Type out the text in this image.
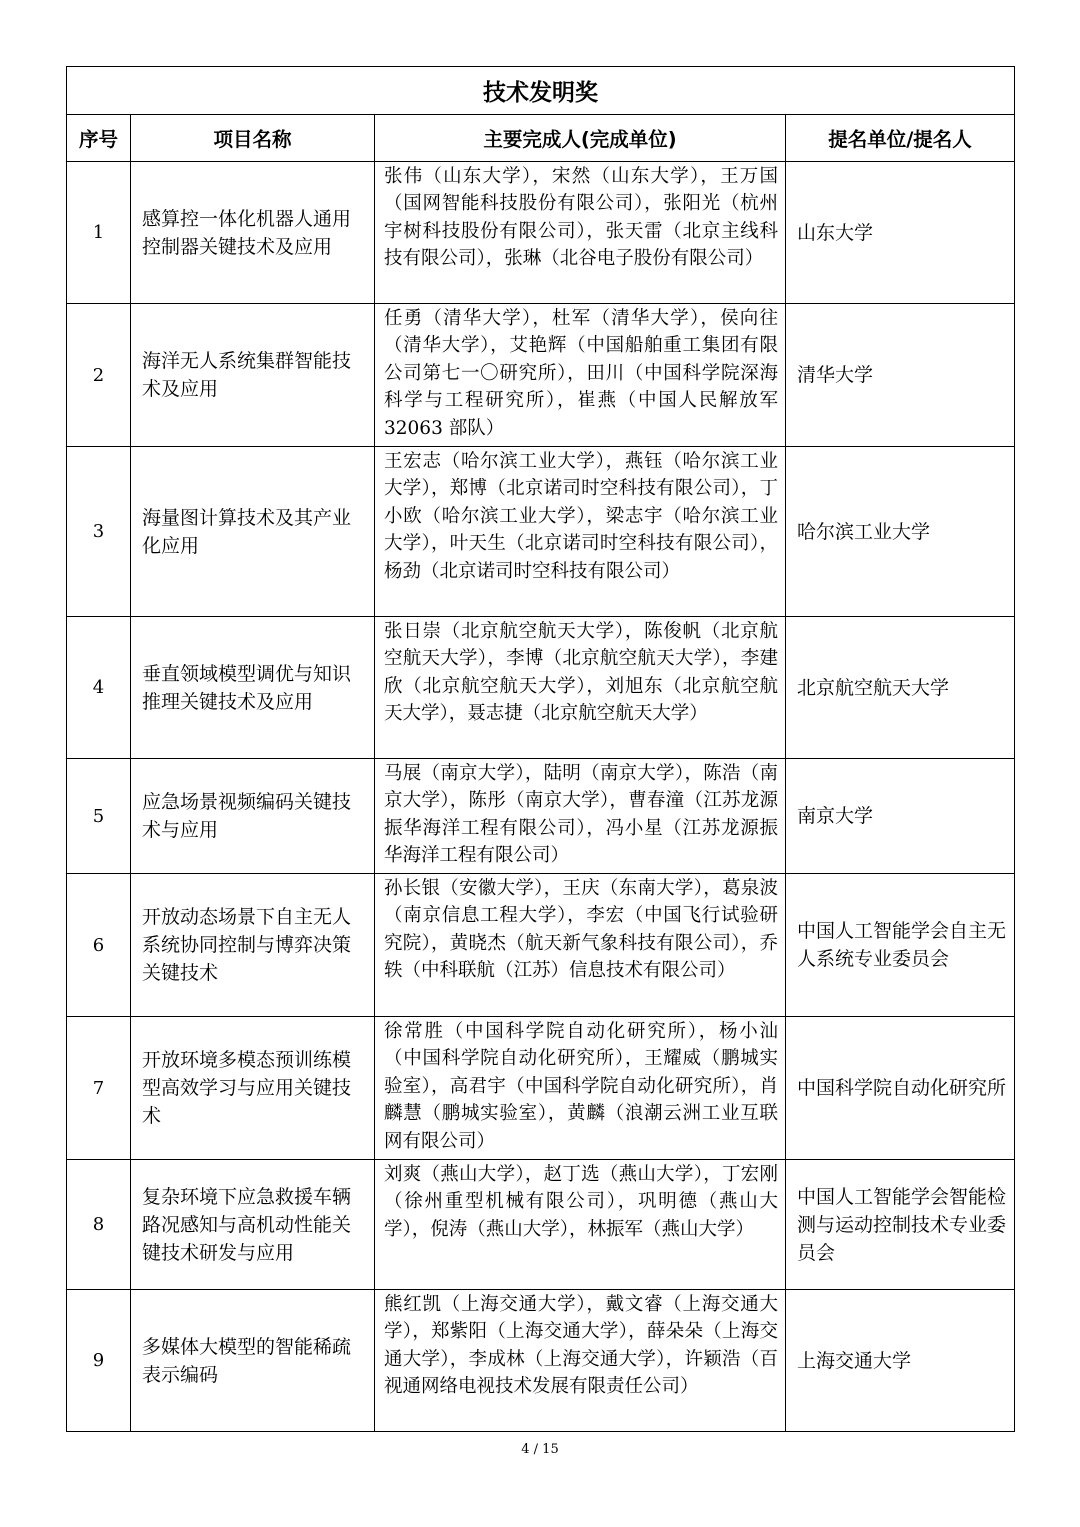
技术发明奖			
序号	项目名称	主要完成人(完成单位)	提名单位/提名人
1	感算控一体化机器人通用控制器关键技术及应用	张伟（山东大学），宋然（山东大学），王万国（国网智能科技股份有限公司），张阳光（杭州宇树科技股份有限公司），张天雷（北京主线科技有限公司），张琳（北谷电子股份有限公司）	山东大学
2	海洋无人系统集群智能技术及应用	任勇（清华大学），杜军（清华大学），侯向往（清华大学），艾艳辉（中国船舶重工集团有限公司第七一〇研究所），田川（中国科学院深海科学与工程研究所），崔燕（中国人民解放军 32063 部队）	清华大学
3	海量图计算技术及其产业化应用	王宏志（哈尔滨工业大学），燕钰（哈尔滨工业大学），郑博（北京诺司时空科技有限公司），丁小欧（哈尔滨工业大学），梁志宇（哈尔滨工业大学），叶天生（北京诺司时空科技有限公司），杨劲（北京诺司时空科技有限公司）	哈尔滨工业大学
4	垂直领域模型调优与知识推理关键技术及应用	张日崇（北京航空航天大学），陈俊帆（北京航空航天大学），李博（北京航空航天大学），李建欣（北京航空航天大学），刘旭东（北京航空航天大学），聂志捷（北京航空航天大学）	北京航空航天大学
5	应急场景视频编码关键技术与应用	马展（南京大学），陆明（南京大学），陈浩（南京大学），陈彤（南京大学），曹春潼（江苏龙源振华海洋工程有限公司），冯小星（江苏龙源振华海洋工程有限公司）	南京大学
6	开放动态场景下自主无人系统协同控制与博弈决策关键技术	孙长银（安徽大学），王庆（东南大学），葛泉波（南京信息工程大学），李宏（中国飞行试验研究院），黄晓杰（航天新气象科技有限公司），乔轶（中科联航（江苏）信息技术有限公司）	中国人工智能学会自主无人系统专业委员会
7	开放环境多模态预训练模型高效学习与应用关键技术	徐常胜（中国科学院自动化研究所），杨小汕（中国科学院自动化研究所），王耀威（鹏城实验室），高君宇（中国科学院自动化研究所），肖麟慧（鹏城实验室），黄麟（浪潮云洲工业互联网有限公司）	中国科学院自动化研究所
8	复杂环境下应急救援车辆路况感知与高机动性能关键技术研发与应用	刘爽（燕山大学），赵丁选（燕山大学），丁宏刚（徐州重型机械有限公司），巩明德（燕山大学），倪涛（燕山大学），林振军（燕山大学）	中国人工智能学会智能检测与运动控制技术专业委员会
9	多媒体大模型的智能稀疏表示编码	熊红凯（上海交通大学），戴文睿（上海交通大学），郑紫阳（上海交通大学），薛朵朵（上海交通大学），李成林（上海交通大学），许颖浩（百视通网络电视技术发展有限责任公司）	上海交通大学
4 / 15
